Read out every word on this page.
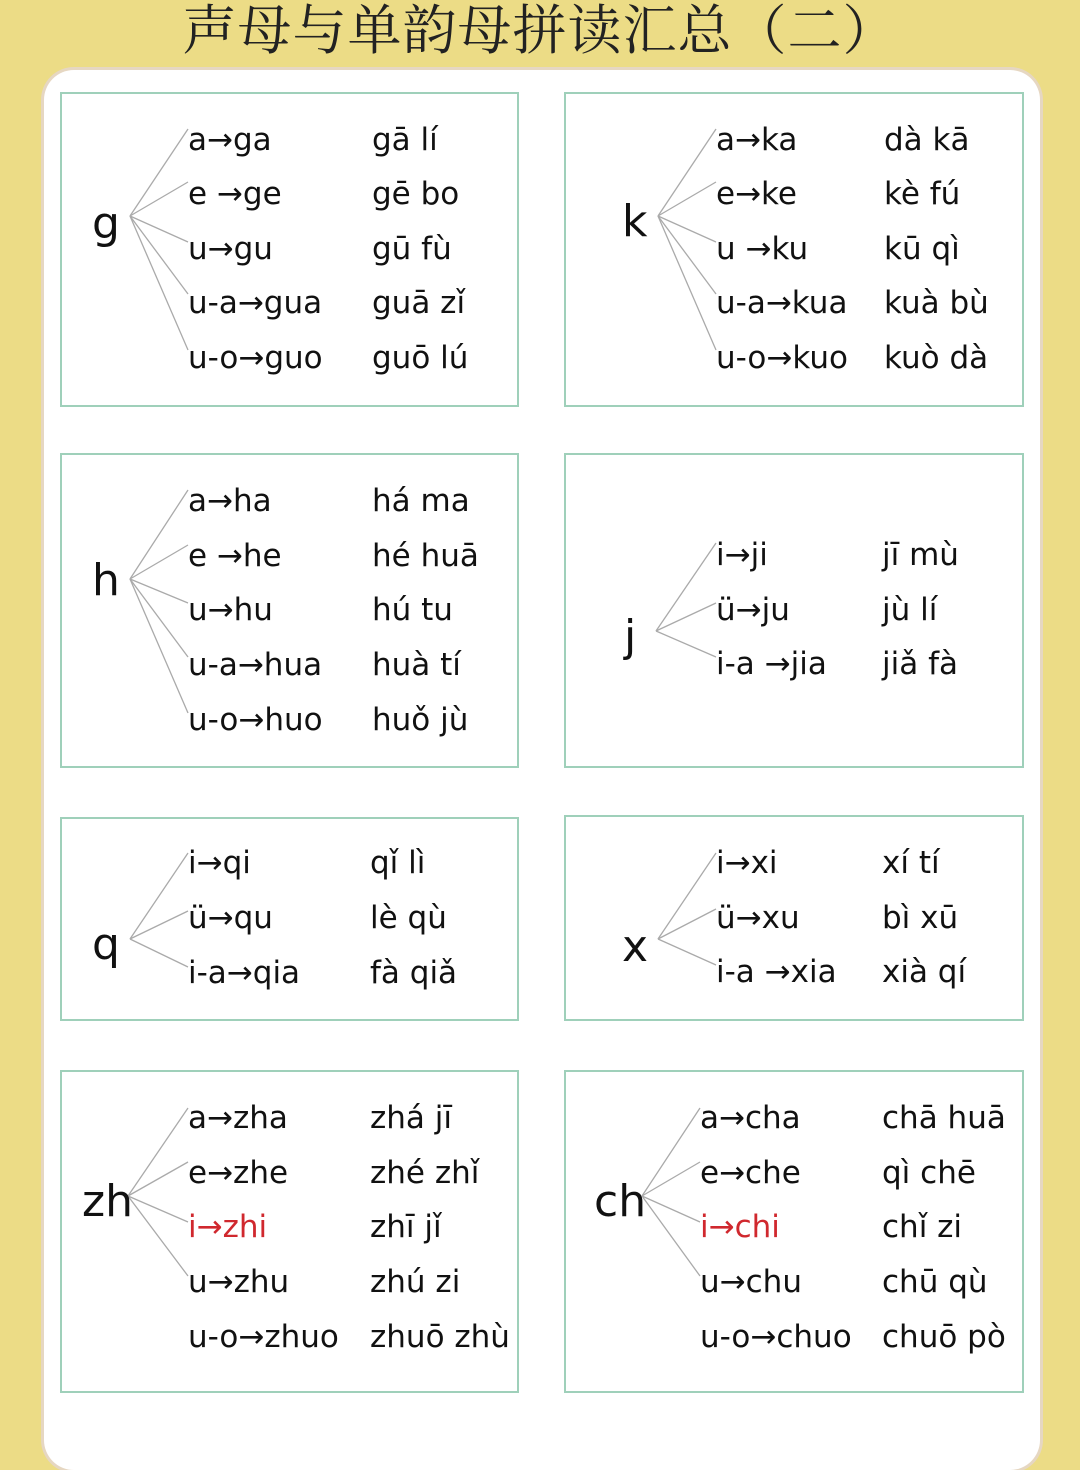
声母与单韵母拼读汇总（二）
g
a→ga
e →ge
u→gu
u-a→gua
u-o→guo
gā lí
gē bo
gū fù
guā zǐ
guō lú
k
a→ka
e→ke
u →ku
u-a→kua
u-o→kuo
dà kā
kè fú
kū qì
kuà bù
kuò dà
h
a→ha
e →he
u→hu
u-a→hua
u-o→huo
há ma
hé huā
hú tu
huà tí
huǒ jù
j
i→ji
ü→ju
i-a →jia
jī mù
jù lí
jiǎ fà
q
i→qi
ü→qu
i-a→qia
qǐ lì
lè qù
fà qiǎ
x
i→xi
ü→xu
i-a →xia
xí tí
bì xū
xià qí
zh
a→zha
e→zhe
i→zhi
u→zhu
u-o→zhuo
zhá jī
zhé zhǐ
zhī jǐ
zhú zi
zhuō zhù
ch
a→cha
e→che
i→chi
u→chu
u-o→chuo
chā huā
qì chē
chǐ zi
chū qù
chuō pò
